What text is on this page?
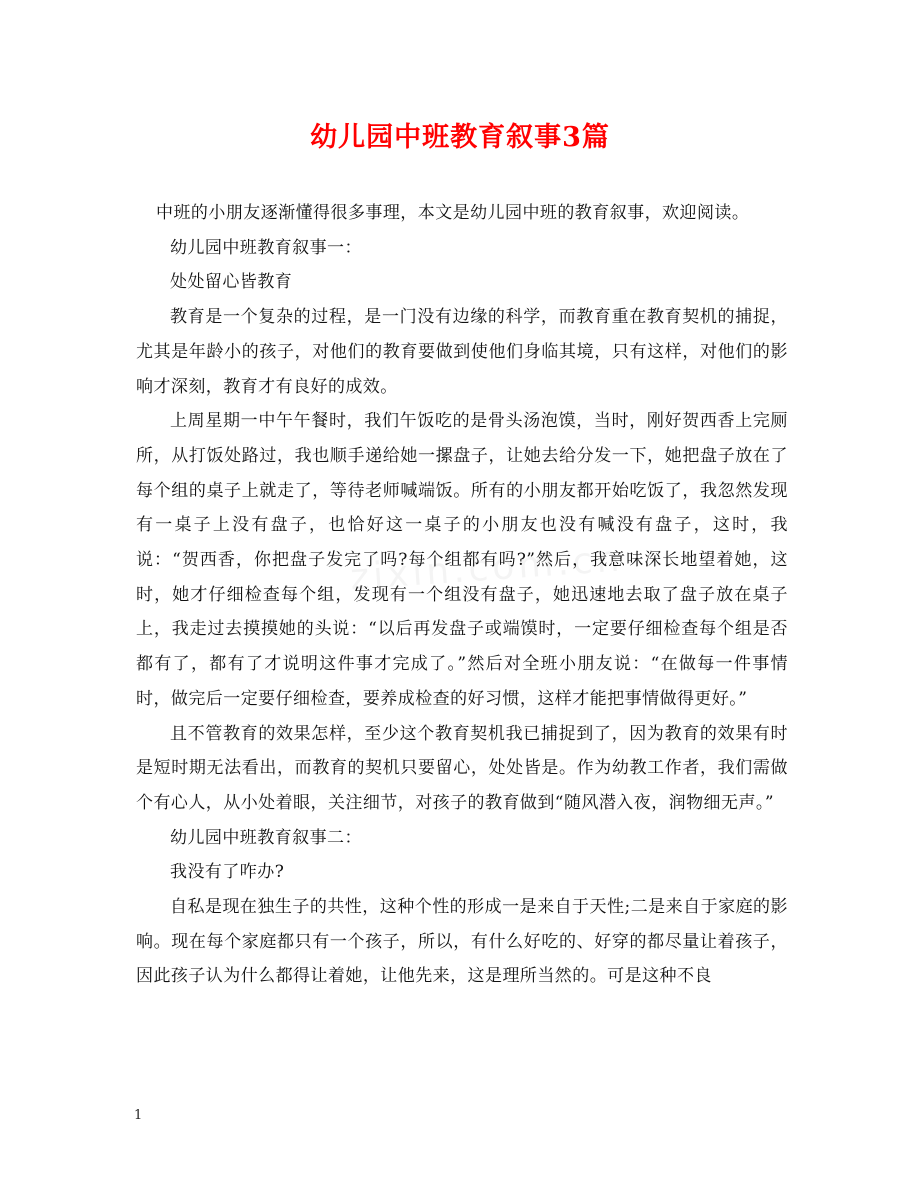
幼儿园中班教育叙事3篇

中班的小朋友逐渐懂得很多事理，本文是幼儿园中班的教育叙事，欢迎阅读。

幼儿园中班教育叙事一：

处处留心皆教育

教育是一个复杂的过程，是一门没有边缘的科学，而教育重在教育契机的捕捉，尤其是年龄小的孩子，对他们的教育要做到使他们身临其境，只有这样，对他们的影响才深刻，教育才有良好的成效。

上周星期一中午午餐时，我们午饭吃的是骨头汤泡馍，当时，刚好贺西香上完厕所，从打饭处路过，我也顺手递给她一摞盘子，让她去给分发一下，她把盘子放在了每个组的桌子上就走了，等待老师喊端饭。所有的小朋友都开始吃饭了，我忽然发现有一桌子上没有盘子，也恰好这一桌子的小朋友也没有喊没有盘子，这时，我说：“贺西香，你把盘子发完了吗?每个组都有吗?”然后，我意味深长地望着她，这时，她才仔细检查每个组，发现有一个组没有盘子，她迅速地去取了盘子放在桌子上，我走过去摸摸她的头说：“以后再发盘子或端馍时，一定要仔细检查每个组是否都有了，都有了才说明这件事才完成了。”然后对全班小朋友说：“在做每一件事情时，做完后一定要仔细检查，要养成检查的好习惯，这样才能把事情做得更好。”

且不管教育的效果怎样，至少这个教育契机我已捕捉到了，因为教育的效果有时是短时期无法看出，而教育的契机只要留心，处处皆是。作为幼教工作者，我们需做个有心人，从小处着眼，关注细节，对孩子的教育做到“随风潜入夜，润物细无声。”

幼儿园中班教育叙事二：

我没有了咋办?

自私是现在独生子的共性，这种个性的形成一是来自于天性;二是来自于家庭的影响。现在每个家庭都只有一个孩子，所以，有什么好吃的、好穿的都尽量让着孩子，因此孩子认为什么都得让着她，让他先来，这是理所当然的。可是这种不良

1
